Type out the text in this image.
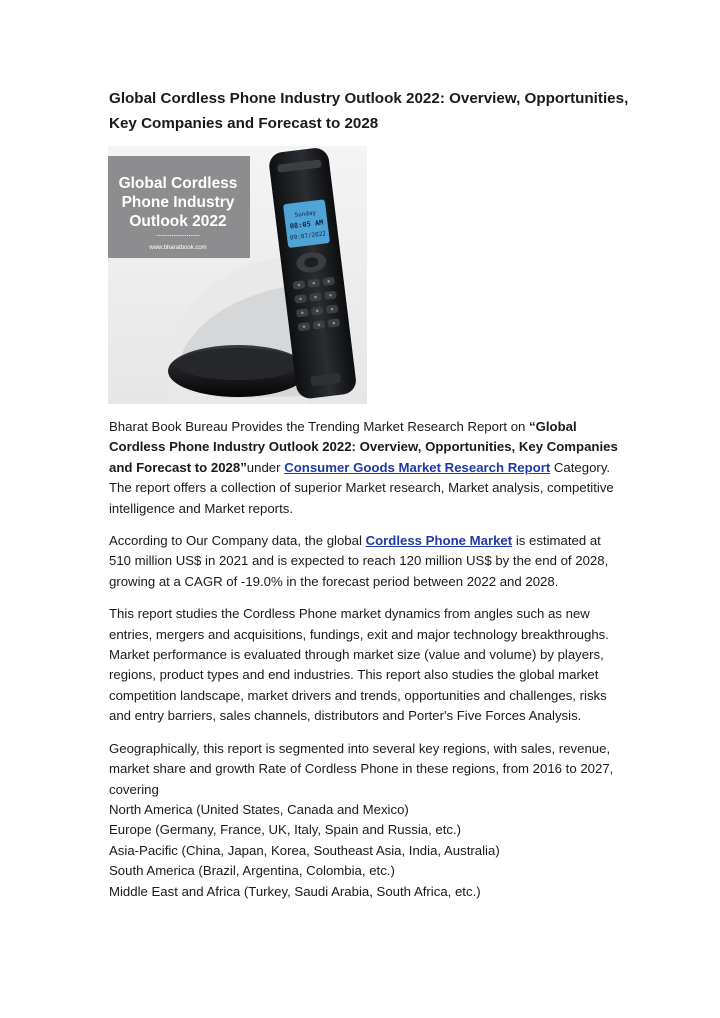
Global Cordless Phone Industry Outlook 2022: Overview, Opportunities, Key Companies and Forecast to 2028
Sunday
08:05 AM
09:07/2022
Global Cordless
Phone Industry
Outlook 2022
•••••••••••••••••••••••
www.bharatbook.com

Bharat Book Bureau Provides the Trending Market Research Report on “Global Cordless Phone Industry Outlook 2022: Overview, Opportunities, Key Companies and Forecast to 2028”under Consumer Goods Market Research Report Category. The report offers a collection of superior Market research, Market analysis, competitive intelligence and Market reports.

According to Our Company data, the global Cordless Phone Market is estimated at 510 million US$ in 2021 and is expected to reach 120 million US$ by the end of 2028, growing at a CAGR of -19.0% in the forecast period between 2022 and 2028.

This report studies the Cordless Phone market dynamics from angles such as new entries, mergers and acquisitions, fundings, exit and major technology breakthroughs. Market performance is evaluated through market size (value and volume) by players, regions, product types and end industries. This report also studies the global market competition landscape, market drivers and trends, opportunities and challenges, risks and entry barriers, sales channels, distributors and Porter's Five Forces Analysis.

Geographically, this report is segmented into several key regions, with sales, revenue, market share and growth Rate of Cordless Phone in these regions, from 2016 to 2027, covering
North America (United States, Canada and Mexico)
Europe (Germany, France, UK, Italy, Spain and Russia, etc.)
Asia-Pacific (China, Japan, Korea, Southeast Asia, India, Australia)
South America (Brazil, Argentina, Colombia, etc.)
Middle East and Africa (Turkey, Saudi Arabia, South Africa, etc.)
